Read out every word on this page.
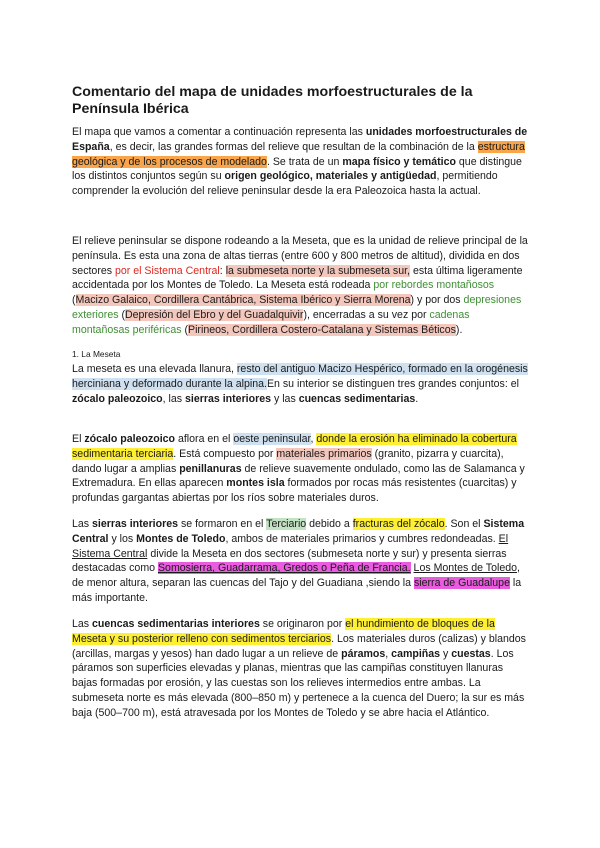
Comentario del mapa de unidades morfoestructurales de la Península Ibérica

El mapa que vamos a comentar a continuación representa las unidades morfoestructurales de España, es decir, las grandes formas del relieve que resultan de la combinación de la estructura geológica y de los procesos de modelado. Se trata de un mapa físico y temático que distingue los distintos conjuntos según su origen geológico, materiales y antigüedad, permitiendo comprender la evolución del relieve peninsular desde la era Paleozoica hasta la actual.

El relieve peninsular se dispone rodeando a la Meseta, que es la unidad de relieve principal de la península. Es esta una zona de altas tierras (entre 600 y 800 metros de altitud), dividida en dos sectores por el Sistema Central: la submeseta norte y la submeseta sur, esta última ligeramente accidentada por los Montes de Toledo. La Meseta está rodeada por rebordes montañosos (Macizo Galaico, Cordillera Cantábrica, Sistema Ibérico y Sierra Morena) y por dos depresiones exteriores (Depresión del Ebro y del Guadalquivir), encerradas a su vez por cadenas montañosas periféricas (Pirineos, Cordillera Costero-Catalana y Sistemas Béticos).

1. La Meseta

La meseta es una elevada llanura, resto del antiguo Macizo Hespérico, formado en la orogénesis herciniana y deformado durante la alpina.En su interior se distinguen tres grandes conjuntos: el zócalo paleozoico, las sierras interiores y las cuencas sedimentarias.

El zócalo paleozoico aflora en el oeste peninsular, donde la erosión ha eliminado la cobertura sedimentaria terciaria. Está compuesto por materiales primarios (granito, pizarra y cuarcita), dando lugar a amplias penillanuras de relieve suavemente ondulado, como las de Salamanca y Extremadura. En ellas aparecen montes isla formados por rocas más resistentes (cuarcitas) y profundas gargantas abiertas por los ríos sobre materiales duros.

Las sierras interiores se formaron en el Terciario debido a fracturas del zócalo. Son el Sistema Central y los Montes de Toledo, ambos de materiales primarios y cumbres redondeadas. El Sistema Central divide la Meseta en dos sectores (submeseta norte y sur) y presenta sierras destacadas como Somosierra, Guadarrama, Gredos o Peña de Francia. Los Montes de Toledo, de menor altura, separan las cuencas del Tajo y del Guadiana ,siendo la sierra de Guadalupe la más importante.

Las cuencas sedimentarias interiores se originaron por el hundimiento de bloques de la Meseta y su posterior relleno con sedimentos terciarios. Los materiales duros (calizas) y blandos (arcillas, margas y yesos) han dado lugar a un relieve de páramos, campiñas y cuestas. Los páramos son superficies elevadas y planas, mientras que las campiñas constituyen llanuras bajas formadas por erosión, y las cuestas son los relieves intermedios entre ambas. La submeseta norte es más elevada (800–850 m) y pertenece a la cuenca del Duero; la sur es más baja (500–700 m), está atravesada por los Montes de Toledo y se abre hacia el Atlántico.
